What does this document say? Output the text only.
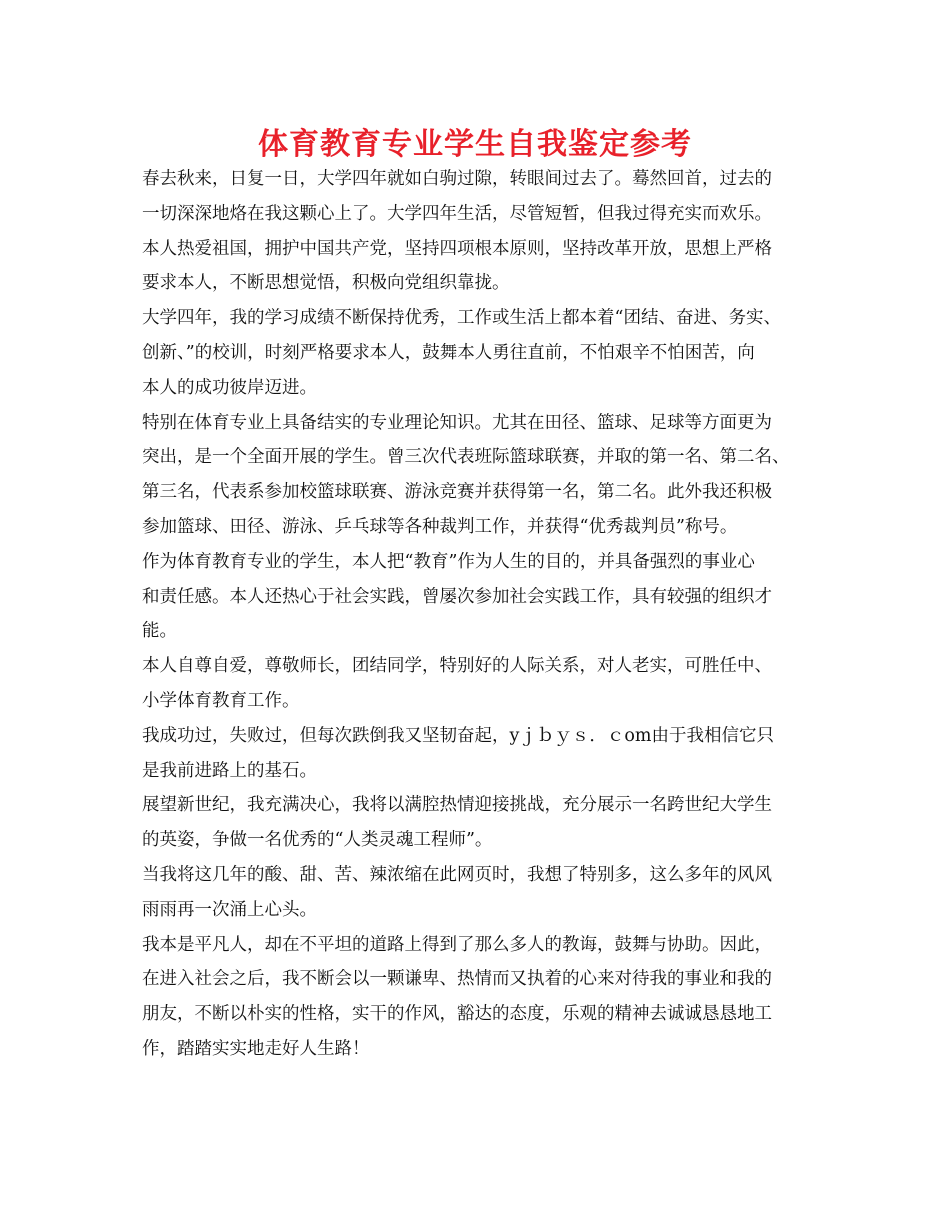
体育教育专业学生自我鉴定参考

春去秋来，日复一日，大学四年就如白驹过隙，转眼间过去了。蓦然回首，过去的
一切深深地烙在我这颗心上了。大学四年生活，尽管短暂，但我过得充实而欢乐。

本人热爱祖国，拥护中国共产党，坚持四项根本原则，坚持改革开放，思想上严格
要求本人，不断思想觉悟，积极向党组织靠拢。

大学四年，我的学习成绩不断保持优秀，工作或生活上都本着“团结、奋进、务实、
创新、”的校训，时刻严格要求本人，鼓舞本人勇往直前，不怕艰辛不怕困苦，向
本人的成功彼岸迈进。

特别在体育专业上具备结实的专业理论知识。尤其在田径、篮球、足球等方面更为
突出，是一个全面开展的学生。曾三次代表班际篮球联赛，并取的第一名、第二名、
第三名，代表系参加校篮球联赛、游泳竞赛并获得第一名，第二名。此外我还积极
参加篮球、田径、游泳、乒乓球等各种裁判工作，并获得“优秀裁判员”称号。

作为体育教育专业的学生，本人把“教育”作为人生的目的，并具备强烈的事业心
和责任感。本人还热心于社会实践，曾屡次参加社会实践工作，具有较强的组织才
能。

本人自尊自爱，尊敬师长，团结同学，特别好的人际关系，对人老实，可胜任中、
小学体育教育工作。

我成功过，失败过，但每次跌倒我又坚韧奋起，yｊｂｙｓ．ｃom由于我相信它只
是我前进路上的基石。

展望新世纪，我充满决心，我将以满腔热情迎接挑战，充分展示一名跨世纪大学生
的英姿，争做一名优秀的“人类灵魂工程师”。

当我将这几年的酸、甜、苦、辣浓缩在此网页时，我想了特别多，这么多年的风风
雨雨再一次涌上心头。

我本是平凡人，却在不平坦的道路上得到了那么多人的教诲，鼓舞与协助。因此，
在进入社会之后，我不断会以一颗谦卑、热情而又执着的心来对待我的事业和我的
朋友，不断以朴实的性格，实干的作风，豁达的态度，乐观的精神去诚诚恳恳地工
作，踏踏实实地走好人生路！
